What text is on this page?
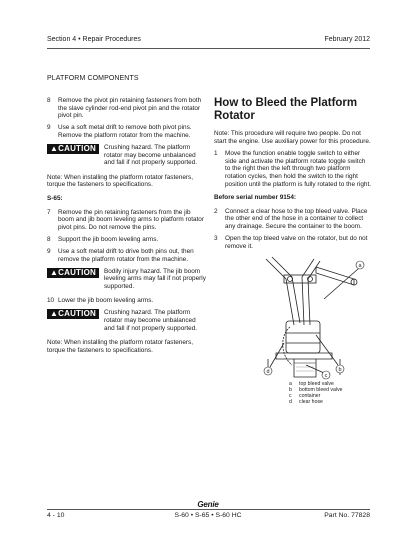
Section 4 • Repair Procedures	February 2012
PLATFORM COMPONENTS
8 Remove the pivot pin retaining fasteners from both the slave cylinder rod-end pivot pin and the rotator pivot pin.
9 Use a soft metal drift to remove both pivot pins. Remove the platform rotator from the machine.
▲CAUTION	Crushing hazard. The platform rotator may become unbalanced and fall if not properly supported.
Note: When installing the platform rotator fasteners, torque the fasteners to specifications.
S-65:
7 Remove the pin retaining fasteners from the jib boom and jib boom leveling arms to platform rotator pivot pins. Do not remove the pins.
8 Support the jib boom leveling arms.
9 Use a soft metal drift to drive both pins out, then remove the platform rotator from the machine.
▲CAUTION	Bodily injury hazard. The jib boom leveling arms may fall if not properly supported.
10 Lower the jib boom leveling arms.
▲CAUTION	Crushing hazard. The platform rotator may become unbalanced and fall if not properly supported.
Note: When installing the platform rotator fasteners, torque the fasteners to specifications.
How to Bleed the Platform Rotator
Note: This procedure will require two people. Do not start the engine. Use auxiliary power for this procedure.
1 Move the function enable toggle switch to either side and activate the platform rotate toggle switch to the right then the left through two platform rotation cycles, then hold the switch to the right position until the platform is fully rotated to the right.
Before serial number 9154:
2 Connect a clear hose to the top bleed valve. Place the other end of the hose in a container to collect any drainage. Secure the container to the boom.
3 Open the top bleed valve on the rotator, but do not remove it.
a
b
c
d
a	top bleed valve
b	bottom bleed valve
c	container
d	clear hose
Genie
4 - 10	S-60 • S-65 • S-60 HC	Part No. 77828
